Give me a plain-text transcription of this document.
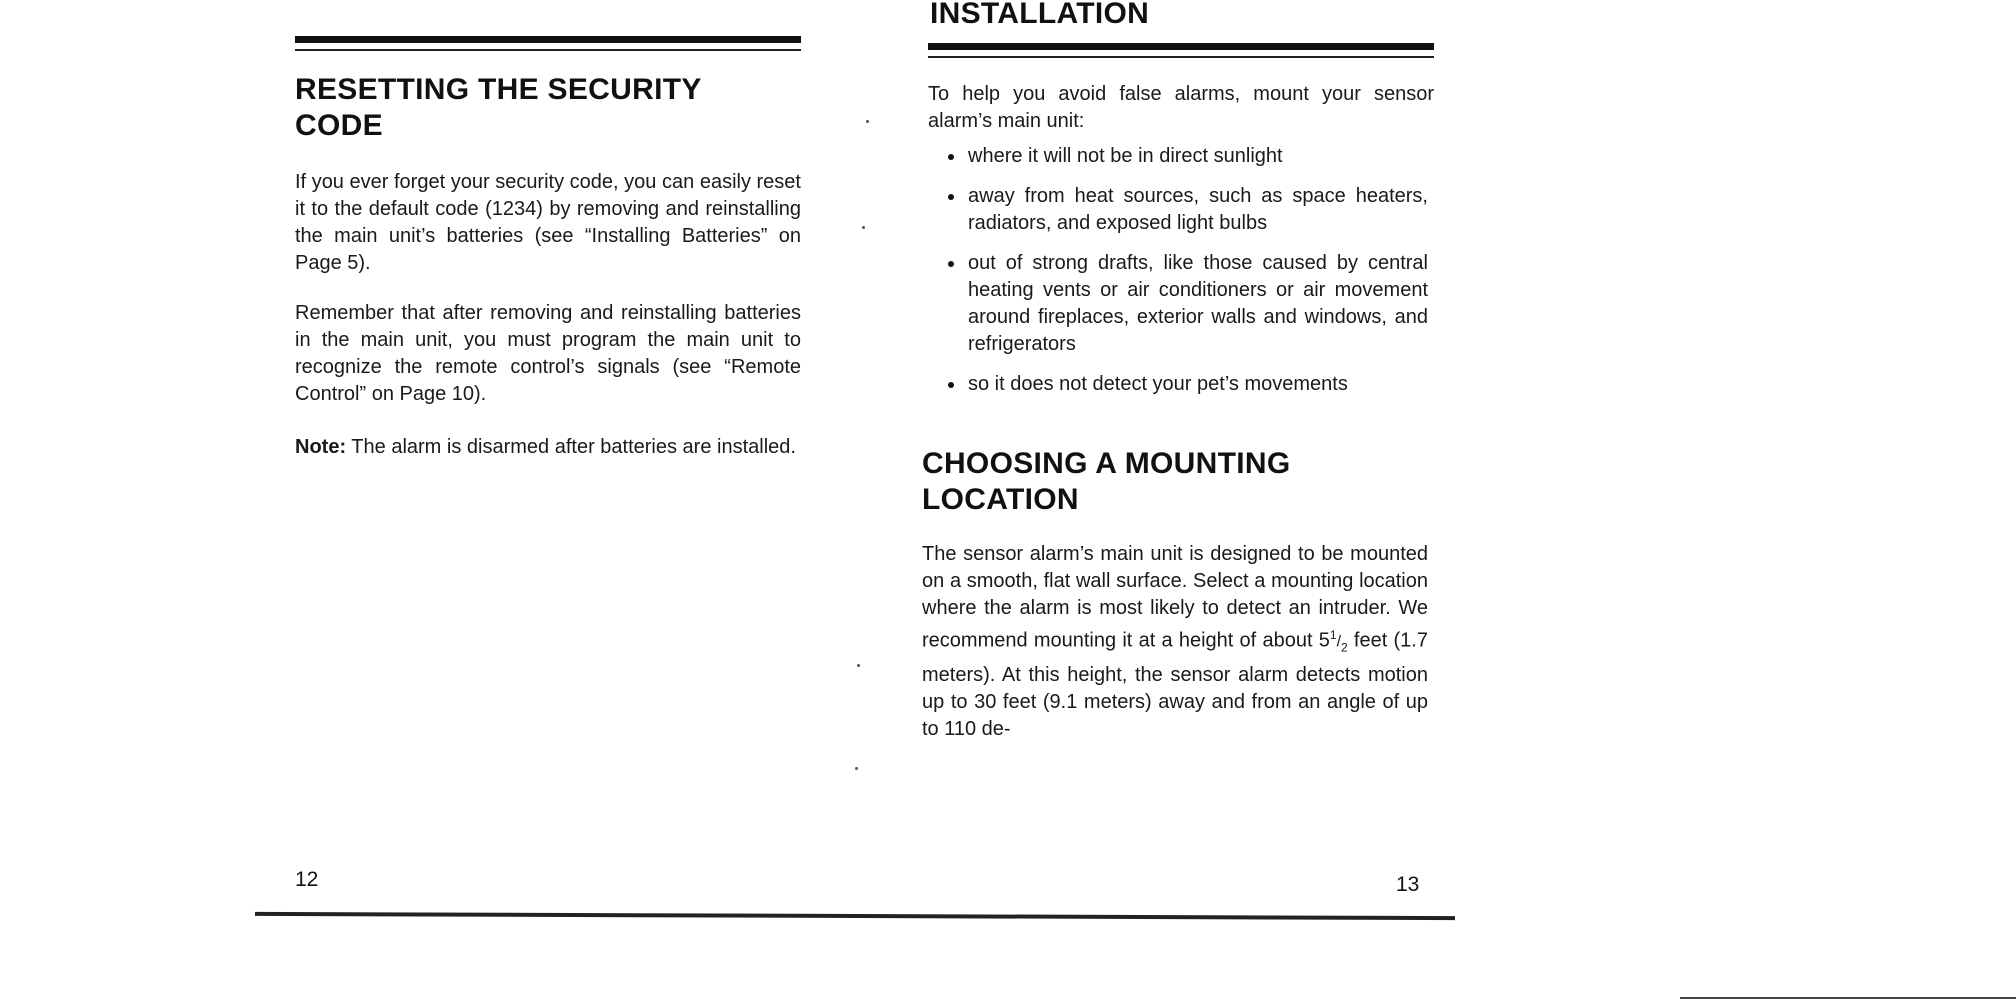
RESETTING THE SECURITY CODE

If you ever forget your security code, you can easily reset it to the default code (1234) by removing and reinstalling the main unit’s batteries (see “Installing Batteries” on Page 5).

Remember that after removing and reinstalling batteries in the main unit, you must program the main unit to recognize the remote control’s signals (see “Remote Control” on Page 10).

Note: The alarm is disarmed after batteries are installed.

12
INSTALLATION

To help you avoid false alarms, mount your sensor alarm’s main unit:

where it will not be in direct sunlight
away from heat sources, such as space heaters, radiators, and exposed light bulbs
out of strong drafts, like those caused by central heating vents or air conditioners or air movement around fireplaces, exterior walls and windows, and refrigerators
so it does not detect your pet’s movements
CHOOSING A MOUNTING LOCATION

The sensor alarm’s main unit is designed to be mounted on a smooth, flat wall surface. Select a mounting location where the alarm is most likely to detect an intruder. We recommend mounting it at a height of about $5^1/_2$ feet (1.7 meters). At this height, the sensor alarm detects motion up to 30 feet (9.1 meters) away and from an angle of up to 110 de-

13
